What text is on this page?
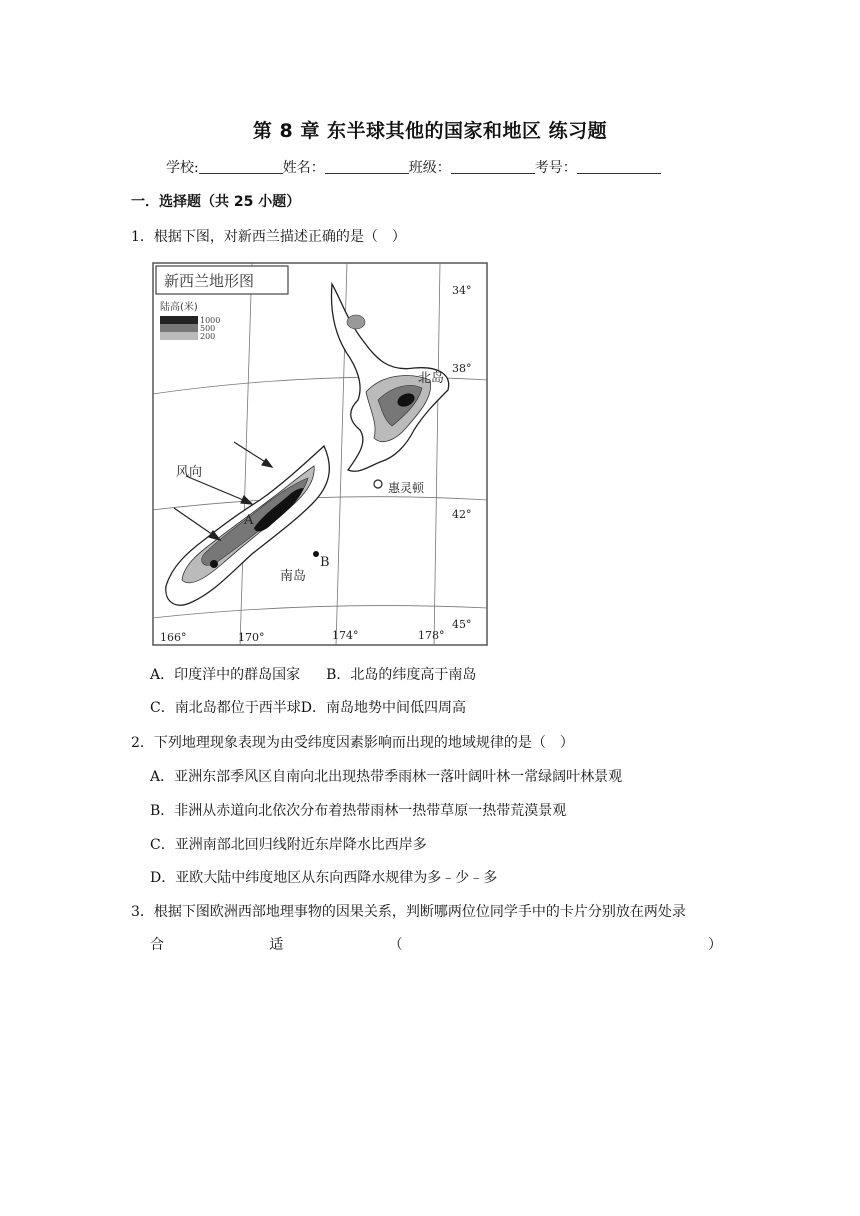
第 8 章 东半球其他的国家和地区 练习题
学校:	姓名：	班级：	考号：
一．选择题（共 25 小题）
1．根据下图，对新西兰描述正确的是（　）
新西兰地形图
陆高(米)
1000
500
200
34°
38°
42°
45°
166°	170°	174°	178°
北岛
南岛
惠灵顿
风向
A
B
A．印度洋中的群岛国家 B．北岛的纬度高于南岛
C．南北岛都位于西半球D．南岛地势中间低四周高
2．下列地理现象表现为由受纬度因素影响而出现的地域规律的是（　）
A．亚洲东部季风区自南向北出现热带季雨林一落叶阔叶林一常绿阔叶林景观
B．非洲从赤道向北依次分布着热带雨林一热带草原一热带荒漠景观
C．亚洲南部北回归线附近东岸降水比西岸多
D．亚欧大陆中纬度地区从东向西降水规律为多﹣少﹣多
3．根据下图欧洲西部地理事物的因果关系，判断哪两位位同学手中的卡片分别放在两处录
合	适	（	）
